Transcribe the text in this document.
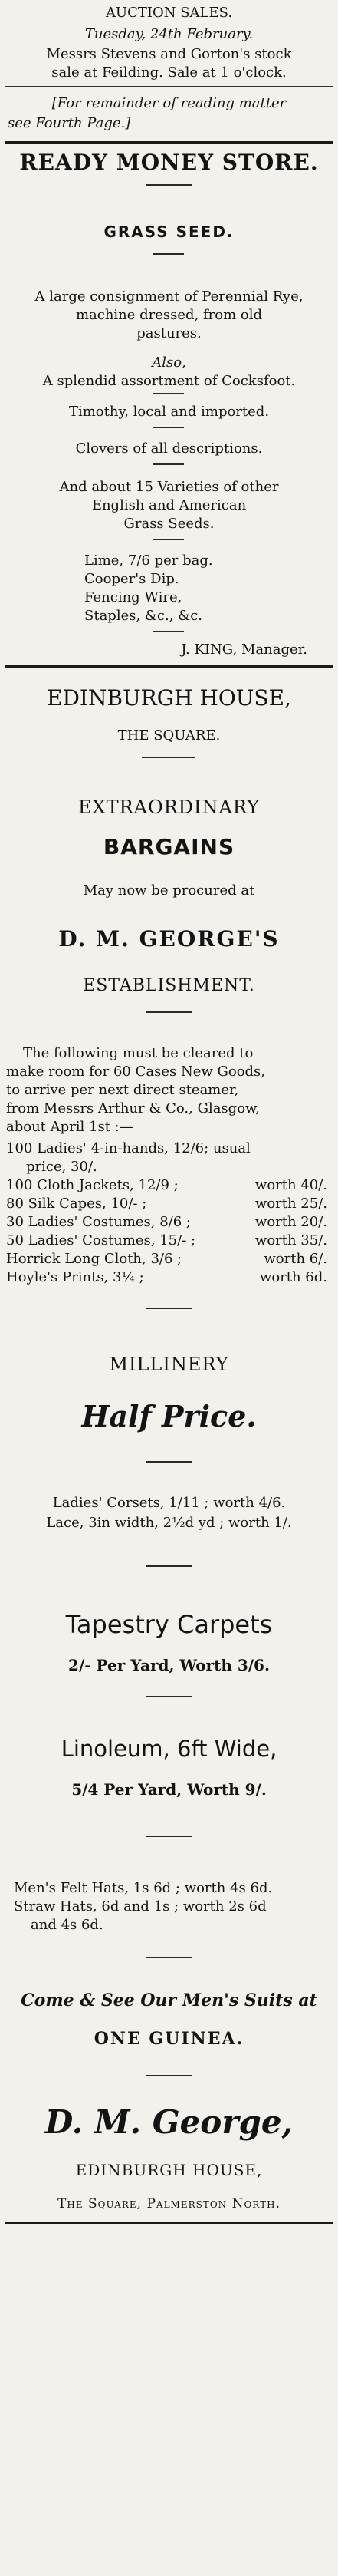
AUCTION SALES.

Tuesday, 24th February.

Messrs Stevens and Gorton's stock

sale at Feilding. Sale at 1 o'clock.

[For remainder of reading matter

see Fourth Page.]

READY MONEY STORE.

GRASS SEED.

A large consignment of Perennial Rye,

machine dressed, from old

pastures.

Also,

A splendid assortment of Cocksfoot.

Timothy, local and imported.

Clovers of all descriptions.

And about 15 Varieties of other

English and American

Grass Seeds.

Lime, 7/6 per bag.

Cooper's Dip.

Fencing Wire,

Staples, &c., &c.

J. KING, Manager.

EDINBURGH HOUSE,

THE SQUARE.

EXTRAORDINARY

BARGAINS

May now be procured at

D. M. GEORGE'S

ESTABLISHMENT.

The following must be cleared to

make room for 60 Cases New Goods,

to arrive per next direct steamer,

from Messrs Arthur & Co., Glasgow,

about April 1st :—

100 Ladies' 4-in-hands, 12/6; usual

price, 30/.

100 Cloth Jackets, 12/9 ;	worth 40/.

80 Silk Capes, 10/- ;	worth 25/.

30 Ladies' Costumes, 8/6 ;	worth 20/.

50 Ladies' Costumes, 15/- ;	worth 35/.

Horrick Long Cloth, 3/6 ;	worth 6/.

Hoyle's Prints, 3¼ ;	worth 6d.

MILLINERY

Half Price.

Ladies' Corsets, 1/11 ; worth 4/6.

Lace, 3in width, 2½d yd ; worth 1/.

Tapestry Carpets

2/- Per Yard, Worth 3/6.

Linoleum, 6ft Wide,

5/4 Per Yard, Worth 9/.

Men's Felt Hats, 1s 6d ; worth 4s 6d.

Straw Hats, 6d and 1s ; worth 2s 6d

and 4s 6d.

Come & See Our Men's Suits at

ONE GUINEA.

D. M. George,

EDINBURGH HOUSE,

The Square, Palmerston North.
